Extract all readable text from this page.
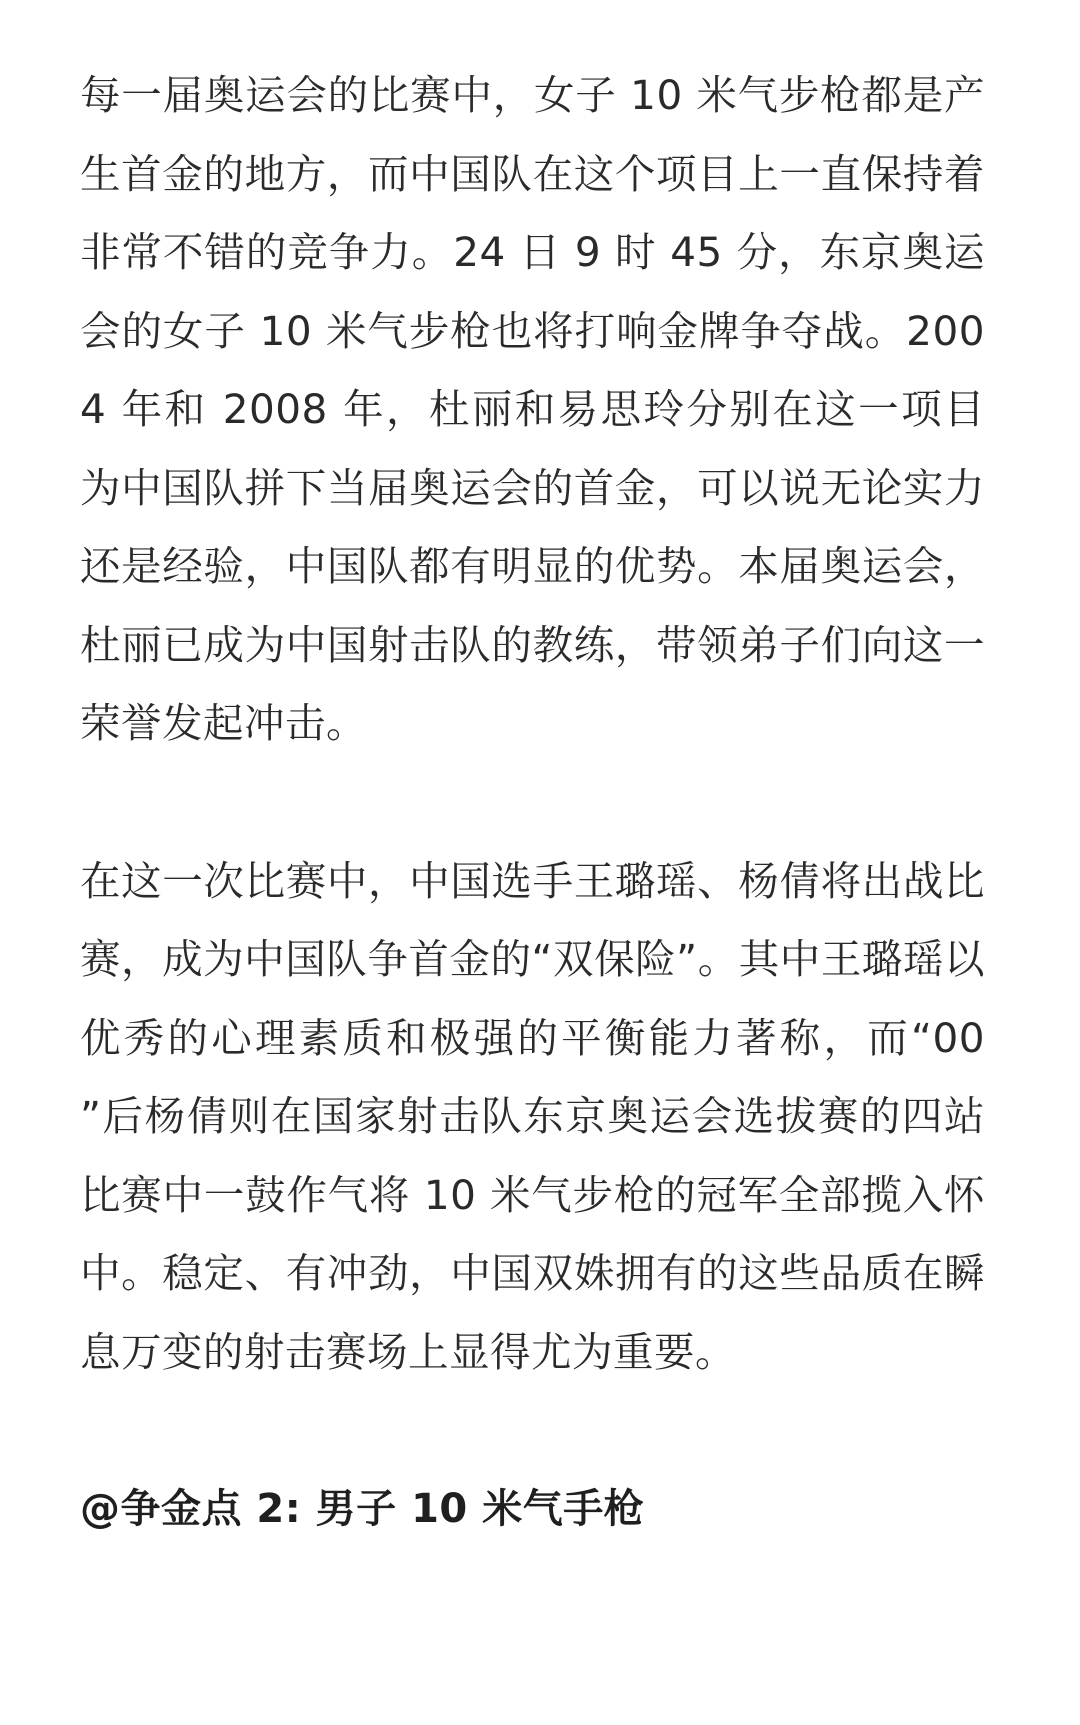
每一届奥运会的比赛中，女子 10 米气步枪都是产生首金的地方，而中国队在这个项目上一直保持着非常不错的竞争力。24 日 9 时 45 分，东京奥运会的女子 10 米气步枪也将打响金牌争夺战。2004 年和 2008 年，杜丽和易思玲分别在这一项目为中国队拼下当届奥运会的首金，可以说无论实力还是经验，中国队都有明显的优势。本届奥运会，杜丽已成为中国射击队的教练，带领弟子们向这一荣誉发起冲击。

在这一次比赛中，中国选手王璐瑶、杨倩将出战比赛，成为中国队争首金的“双保险”。其中王璐瑶以优秀的心理素质和极强的平衡能力著称，而“00 ”后杨倩则在国家射击队东京奥运会选拔赛的四站比赛中一鼓作气将 10 米气步枪的冠军全部揽入怀中。稳定、有冲劲，中国双姝拥有的这些品质在瞬息万变的射击赛场上显得尤为重要。

@争金点 2: 男子 10 米气手枪
